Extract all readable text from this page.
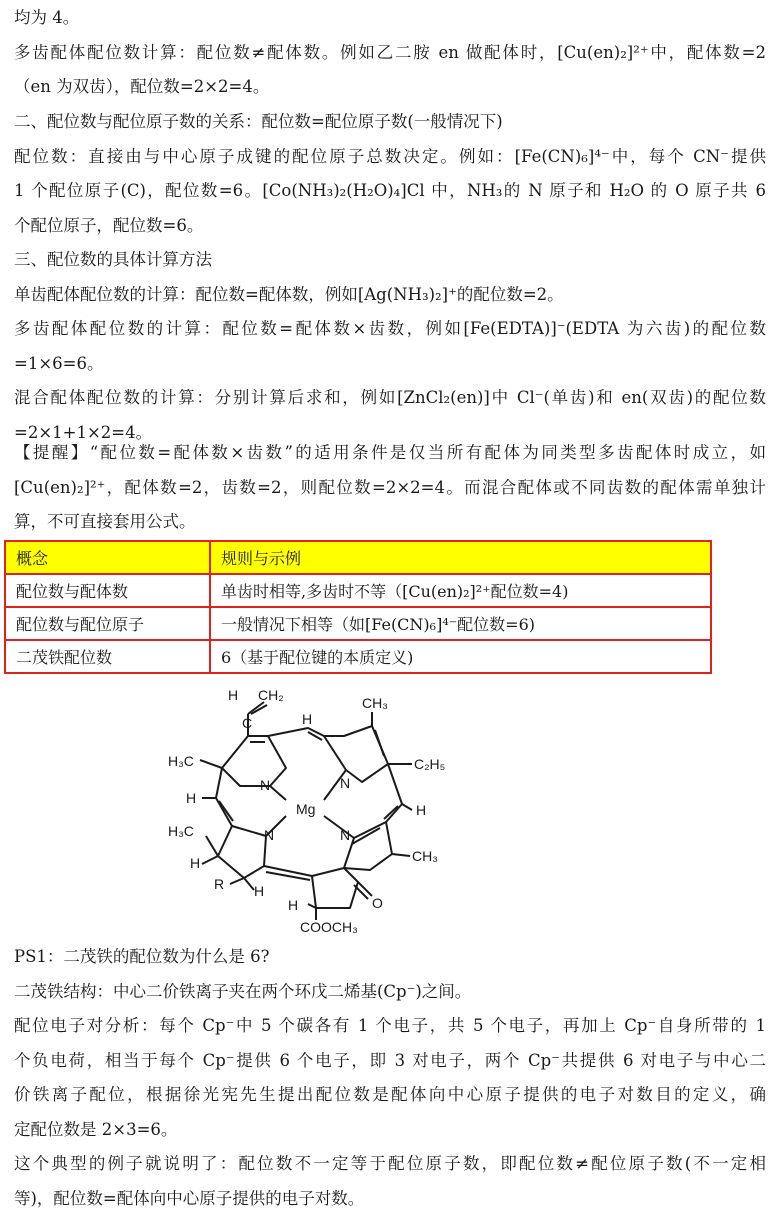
均为 4。
多齿配体配位数计算：配位数≠配体数。例如乙二胺 en 做配体时，[Cu(en)₂]²⁺中，配体数=2
（en 为双齿），配位数=2×2=4。
二、配位数与配位原子数的关系：配位数=配位原子数(一般情况下)
配位数：直接由与中心原子成键的配位原子总数决定。例如：[Fe(CN)₆]⁴⁻中，每个 CN⁻提供
1 个配位原子(C)，配位数=6。[Co(NH₃)₂(H₂O)₄]Cl 中，NH₃的 N 原子和 H₂O 的 O 原子共 6
个配位原子，配位数=6。
三、配位数的具体计算方法
单齿配体配位数的计算：配位数=配体数，例如[Ag(NH₃)₂]⁺的配位数=2。
多齿配体配位数的计算：配位数=配体数×齿数，例如[Fe(EDTA)]⁻(EDTA 为六齿)的配位数
=1×6=6。
混合配体配位数的计算：分别计算后求和，例如[ZnCl₂(en)]中 Cl⁻(单齿)和 en(双齿)的配位数
=2×1+1×2=4。
【提醒】“配位数=配体数×齿数”的适用条件是仅当所有配体为同类型多齿配体时成立，如
[Cu(en)₂]²⁺，配体数=2，齿数=2，则配位数=2×2=4。而混合配体或不同齿数的配体需单独计
算，不可直接套用公式。
概念	规则与示例
配位数与配体数	单齿时相等,多齿时不等（[Cu(en)₂]²⁺配位数=4)
配位数与配位原子	一般情况下相等（如[Fe(CN)₆]⁴⁻配位数=6)
二茂铁配位数	6（基于配位键的本质定义)
H CH₂
C	H
CH₃
H₃C	C₂H₅
N	N
Mg
H
H
N	N
H₃C
H	CH₃
R H
H	O
COOCH₃
PS1：二茂铁的配位数为什么是 6?
二茂铁结构：中心二价铁离子夹在两个环戊二烯基(Cp⁻)之间。
配位电子对分析：每个 Cp⁻中 5 个碳各有 1 个电子，共 5 个电子，再加上 Cp⁻自身所带的 1
个负电荷，相当于每个 Cp⁻提供 6 个电子，即 3 对电子，两个 Cp⁻共提供 6 对电子与中心二
价铁离子配位，根据徐光宪先生提出配位数是配体向中心原子提供的电子对数目的定义，确
定配位数是 2×3=6。
这个典型的例子就说明了：配位数不一定等于配位原子数，即配位数≠配位原子数(不一定相
等)，配位数=配体向中心原子提供的电子对数。
